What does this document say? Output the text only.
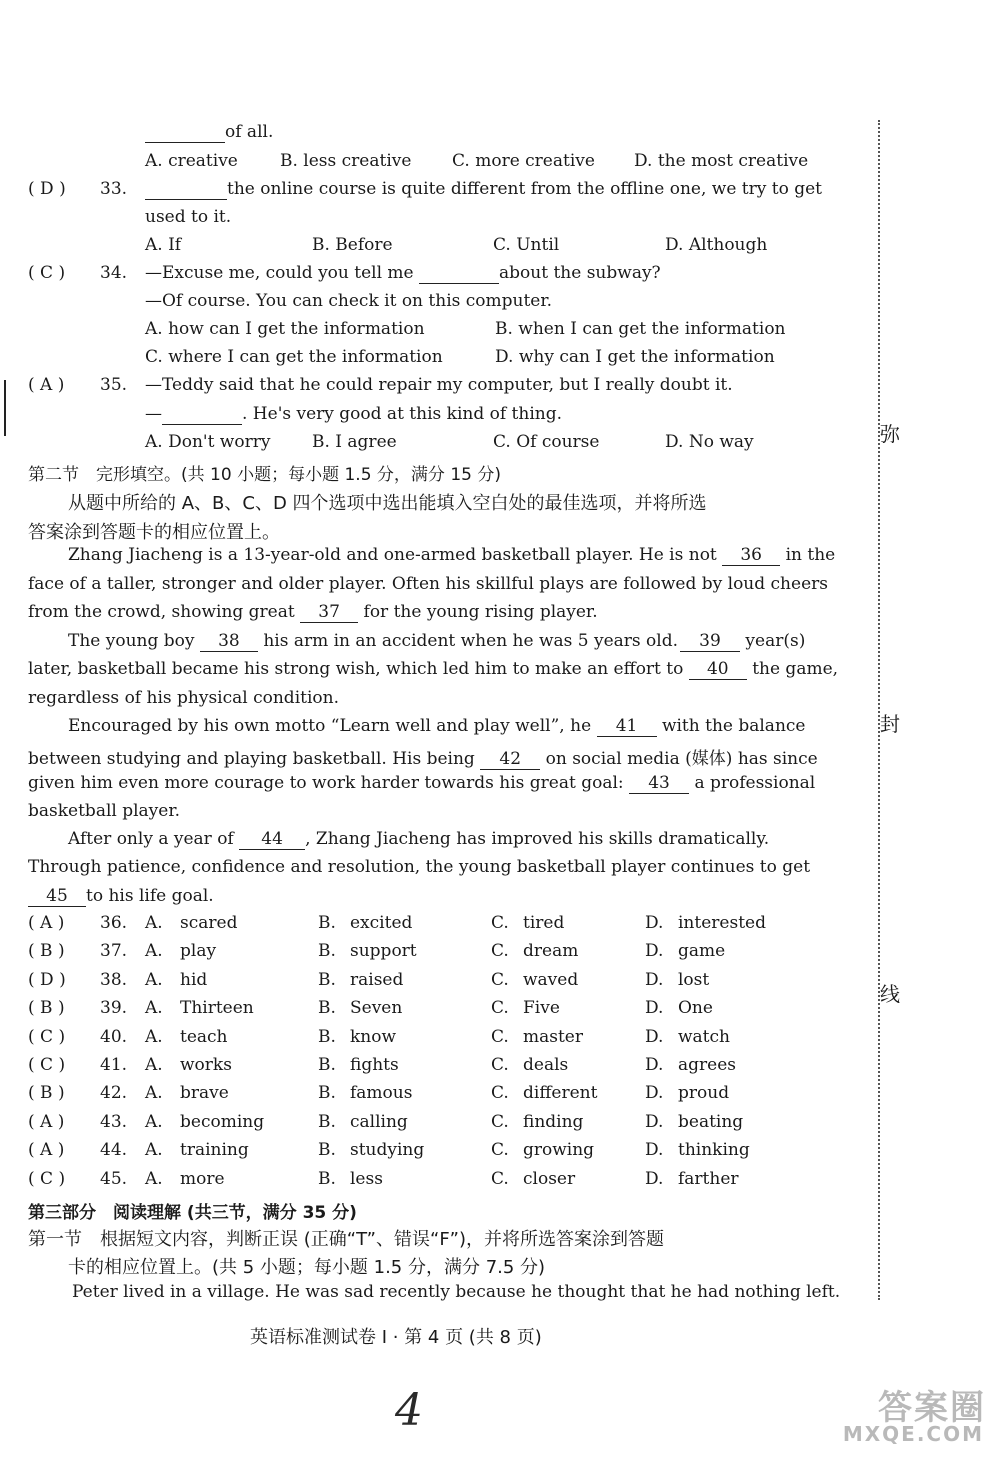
弥
封
线
of all.
A. creative B. less creative C. more creative D. the most creative
( D ) 33.	the online course is quite different from the offline one, we try to get
used to it.
A. If	B. Before	C. Until	D. Although
( C ) 34. —Excuse me, could you tell me	about the subway?
—Of course. You can check it on this computer.
A. how can I get the information	B. when I can get the information
C. where I can get the information	D. why can I get the information
( A ) 35. —Teddy said that he could repair my computer, but I really doubt it.
—	. He's very good at this kind of thing.
A. Don't worry B. I agree	C. Of course	D. No way
第二节　完形填空。(共 10 小题；每小题 1.5 分，满分 15 分)
从题中所给的 A、B、C、D 四个选项中选出能填入空白处的最佳选项，并将所选
答案涂到答题卡的相应位置上。
Zhang Jiacheng is a 13-year-old and one-armed basketball player. He is not 36 in the
face of a taller, stronger and older player. Often his skillful plays are followed by loud cheers
from the crowd, showing great 37 for the young rising player.
The young boy 38 his arm in an accident when he was 5 years old.	39 year(s)
later, basketball became his strong wish, which led him to make an effort to 40 the game,
regardless of his physical condition.
Encouraged by his own motto “Learn well and play well”, he 41 with the balance
between studying and playing basketball. His being 42 on social media (媒体) has since
given him even more courage to work harder towards his great goal: 43 a professional
basketball player.
After only a year of 44 , Zhang Jiacheng has improved his skills dramatically.
Through patience, confidence and resolution, the young basketball player continues to get
45 to his life goal.
( A ) 36. A. scared	B. excited	C. tired	D. interested
( B ) 37. A. play	B. support	C. dream	D. game
( D ) 38. A. hid	B. raised	C. waved	D. lost
( B ) 39. A. Thirteen	B. Seven	C. Five	D. One
( C ) 40. A. teach	B. know	C. master	D. watch
( C ) 41. A. works	B. fights	C. deals	D. agrees
( B ) 42. A. brave	B. famous	C. different	D. proud
( A ) 43. A. becoming	B. calling	C. finding	D. beating
( A ) 44. A. training	B. studying	C. growing	D. thinking
( C ) 45. A. more	B. less	C. closer	D. farther
第三部分　阅读理解 (共三节，满分 35 分)
第一节　根据短文内容，判断正误 (正确“T”、错误“F”)，并将所选答案涂到答题
卡的相应位置上。(共 5 小题；每小题 1.5 分，满分 7.5 分)
Peter lived in a village. He was sad recently because he thought that he had nothing left.
英语标准测试卷 I · 第 4 页 (共 8 页)
4	答案圈
MXQE.COM
